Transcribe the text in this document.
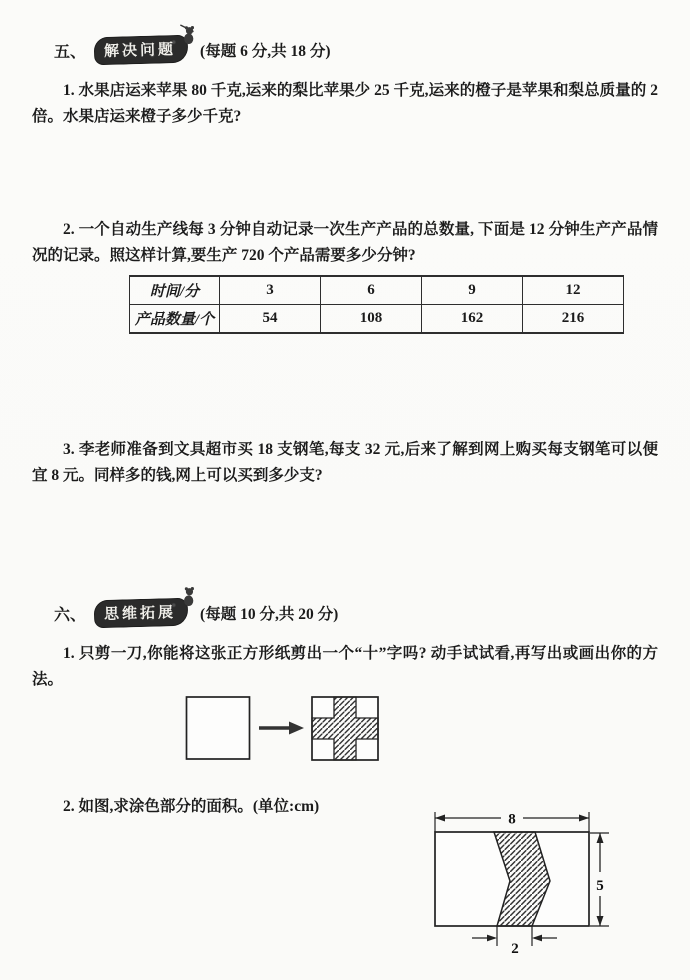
五、 解决问题 (每题 6 分,共 18 分)

1. 水果店运来苹果 80 千克,运来的梨比苹果少 25 千克,运来的橙子是苹果和梨总质量的 2 倍。水果店运来橙子多少千克?

2. 一个自动生产线每 3 分钟自动记录一次生产产品的总数量, 下面是 12 分钟生产产品情况的记录。照这样计算,要生产 720 个产品需要多少分钟?

时间/分	3	6	9	12
产品数量/个	54	108	162	216

3. 李老师准备到文具超市买 18 支钢笔,每支 32 元,后来了解到网上购买每支钢笔可以便宜 8 元。同样多的钱,网上可以买到多少支?

六、 思维拓展 (每题 10 分,共 20 分)

1. 只剪一刀,你能将这张正方形纸剪出一个“十”字吗? 动手试试看,再写出或画出你的方法。

2. 如图,求涂色部分的面积。(单位:cm)

8
5
2
